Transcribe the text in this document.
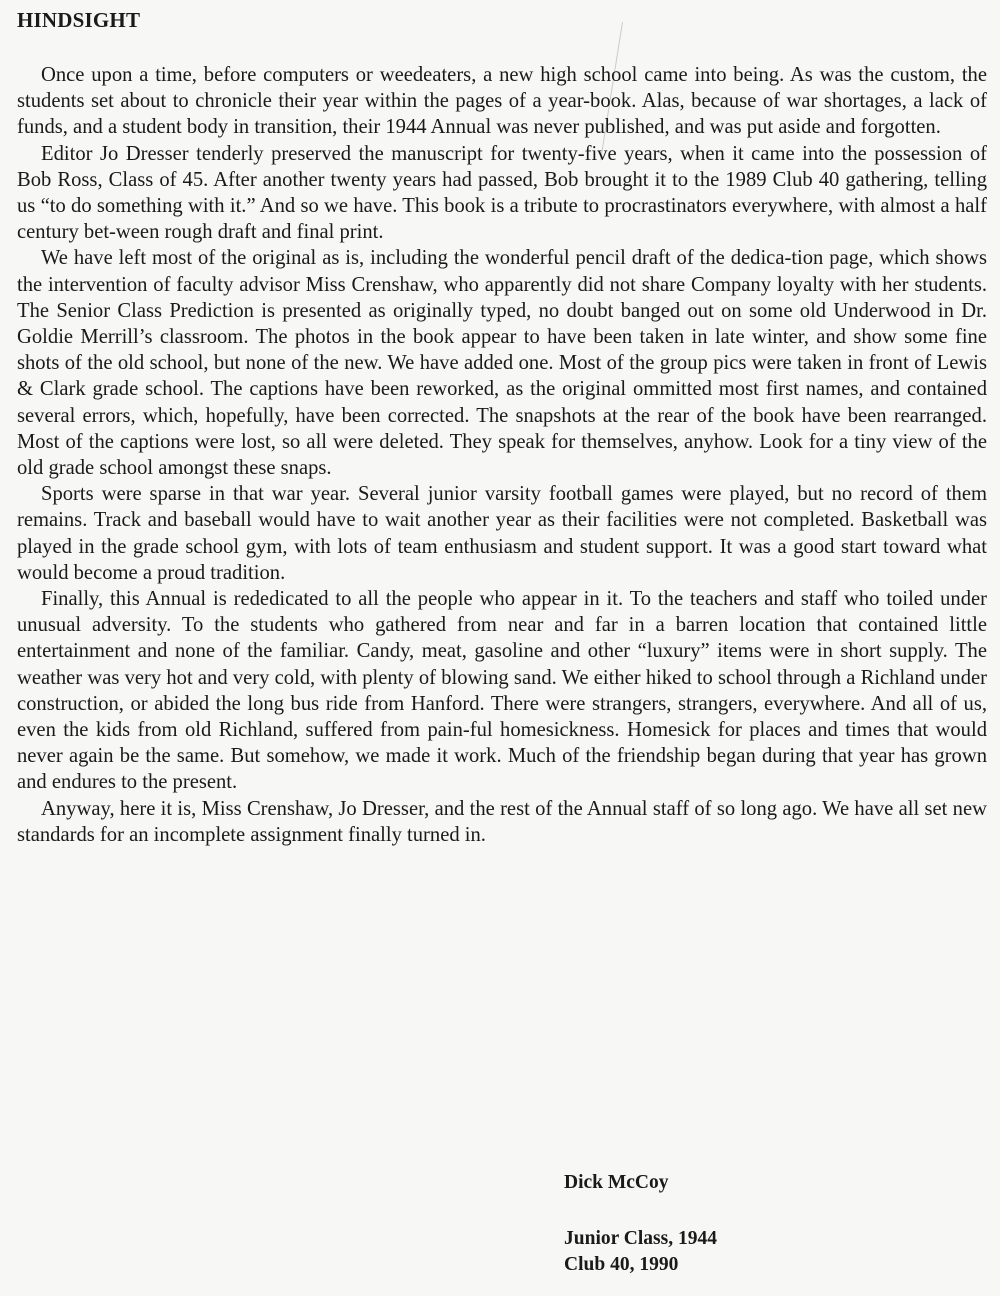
HINDSIGHT

Once upon a time, before computers or weedeaters, a new high school came into being. As was the custom, the students set about to chronicle their year within the pages of a year-book. Alas, because of war shortages, a lack of funds, and a student body in transition, their 1944 Annual was never published, and was put aside and forgotten.

Editor Jo Dresser tenderly preserved the manuscript for twenty-five years, when it came into the possession of Bob Ross, Class of 45. After another twenty years had passed, Bob brought it to the 1989 Club 40 gathering, telling us “to do something with it.” And so we have. This book is a tribute to procrastinators everywhere, with almost a half century bet-ween rough draft and final print.

We have left most of the original as is, including the wonderful pencil draft of the dedica-tion page, which shows the intervention of faculty advisor Miss Crenshaw, who apparently did not share Company loyalty with her students. The Senior Class Prediction is presented as originally typed, no doubt banged out on some old Underwood in Dr. Goldie Merrill’s classroom. The photos in the book appear to have been taken in late winter, and show some fine shots of the old school, but none of the new. We have added one. Most of the group pics were taken in front of Lewis & Clark grade school. The captions have been reworked, as the original ommitted most first names, and contained several errors, which, hopefully, have been corrected. The snapshots at the rear of the book have been rearranged. Most of the captions were lost, so all were deleted. They speak for themselves, anyhow. Look for a tiny view of the old grade school amongst these snaps.

Sports were sparse in that war year. Several junior varsity football games were played, but no record of them remains. Track and baseball would have to wait another year as their facilities were not completed. Basketball was played in the grade school gym, with lots of team enthusiasm and student support. It was a good start toward what would become a proud tradition.

Finally, this Annual is rededicated to all the people who appear in it. To the teachers and staff who toiled under unusual adversity. To the students who gathered from near and far in a barren location that contained little entertainment and none of the familiar. Candy, meat, gasoline and other “luxury” items were in short supply. The weather was very hot and very cold, with plenty of blowing sand. We either hiked to school through a Richland under construction, or abided the long bus ride from Hanford. There were strangers, strangers, everywhere. And all of us, even the kids from old Richland, suffered from pain-ful homesickness. Homesick for places and times that would never again be the same. But somehow, we made it work. Much of the friendship began during that year has grown and endures to the present.

Anyway, here it is, Miss Crenshaw, Jo Dresser, and the rest of the Annual staff of so long ago. We have all set new standards for an incomplete assignment finally turned in.

Dick McCoy
Junior Class, 1944
Club 40, 1990
